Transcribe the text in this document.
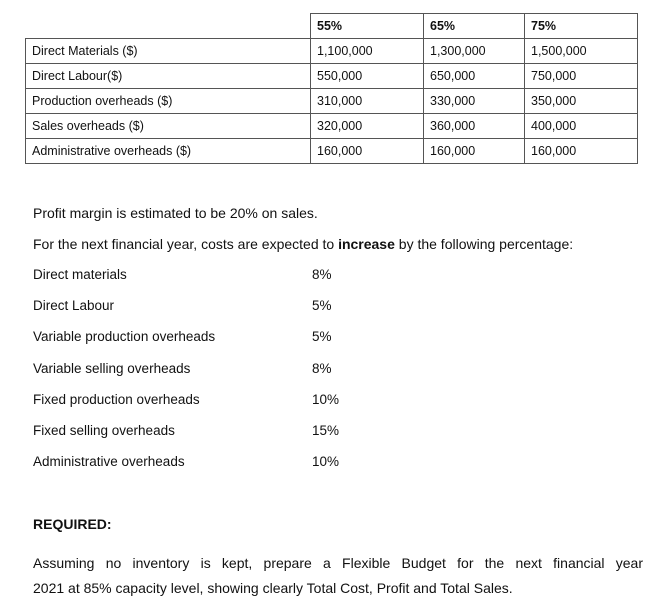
	55%	65%	75%
Direct Materials ($)	1,100,000	1,300,000	1,500,000
Direct Labour($)	550,000	650,000	750,000
Production overheads ($)	310,000	330,000	350,000
Sales overheads ($)	320,000	360,000	400,000
Administrative overheads ($)	160,000	160,000	160,000
Profit margin is estimated to be 20% on sales.
For the next financial year, costs are expected to increase by the following percentage:
Direct materials	8%
Direct Labour	5%
Variable production overheads	5%
Variable selling overheads	8%
Fixed production overheads	10%
Fixed selling overheads	15%
Administrative overheads	10%
REQUIRED:
Assuming no inventory is kept, prepare a Flexible Budget for the next financial year
2021 at 85% capacity level, showing clearly Total Cost, Profit and Total Sales.
